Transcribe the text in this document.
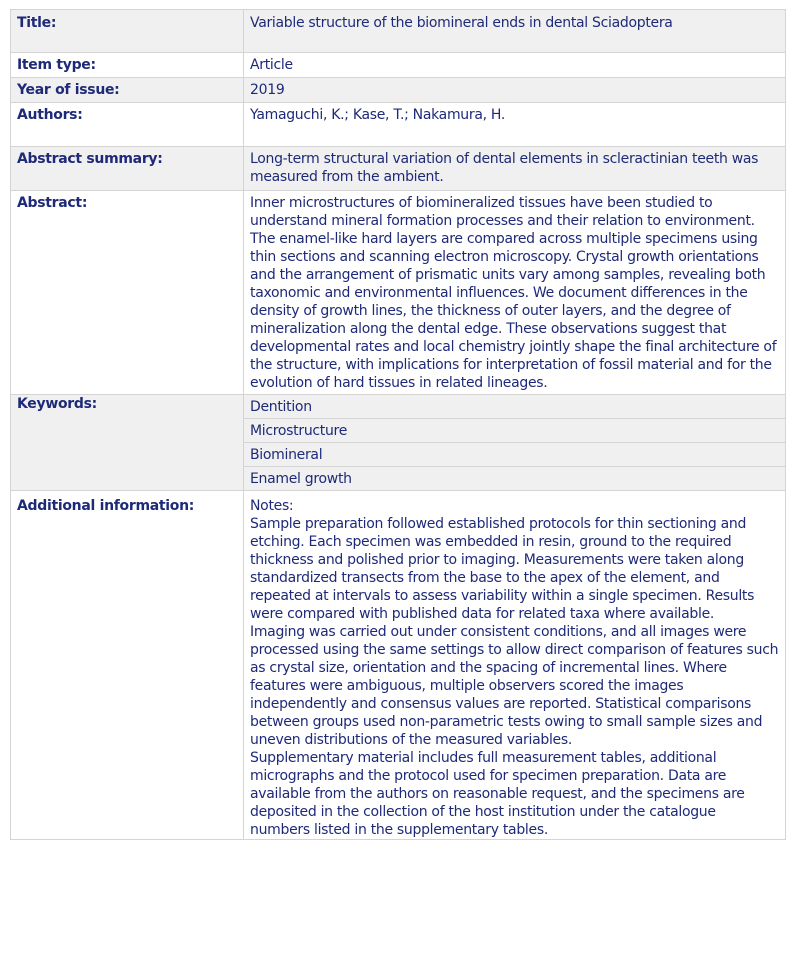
Title:	Variable structure of the biomineral ends in dental Sciadoptera
Item type:	Article
Year of issue:	2019
Authors:	Yamaguchi, K.; Kase, T.; Nakamura, H.
Abstract summary:	Long-term structural variation of dental elements in scleractinian teeth was measured from the ambient.
Abstract:	Inner microstructures of biomineralized tissues have been studied to understand mineral formation processes and their relation to environment. The enamel-like hard layers are compared across multiple specimens using thin sections and scanning electron microscopy. Crystal growth orientations and the arrangement of prismatic units vary among samples, revealing both taxonomic and environmental influences. We document differences in the density of growth lines, the thickness of outer layers, and the degree of mineralization along the dental edge. These observations suggest that developmental rates and local chemistry jointly shape the final architecture of the structure, with implications for interpretation of fossil material and for the evolution of hard tissues in related lineages.
Keywords:	Dentition
	Microstructure
	Biomineral
	Enamel growth
Additional information:	Notes:
Sample preparation followed established protocols for thin sectioning and etching. Each specimen was embedded in resin, ground to the required thickness and polished prior to imaging. Measurements were taken along standardized transects from the base to the apex of the element, and repeated at intervals to assess variability within a single specimen. Results were compared with published data for related taxa where available.
Imaging was carried out under consistent conditions, and all images were processed using the same settings to allow direct comparison of features such as crystal size, orientation and the spacing of incremental lines. Where features were ambiguous, multiple observers scored the images independently and consensus values are reported. Statistical comparisons between groups used non-parametric tests owing to small sample sizes and uneven distributions of the measured variables.
Supplementary material includes full measurement tables, additional micrographs and the protocol used for specimen preparation. Data are available from the authors on reasonable request, and the specimens are deposited in the collection of the host institution under the catalogue numbers listed in the supplementary tables.
